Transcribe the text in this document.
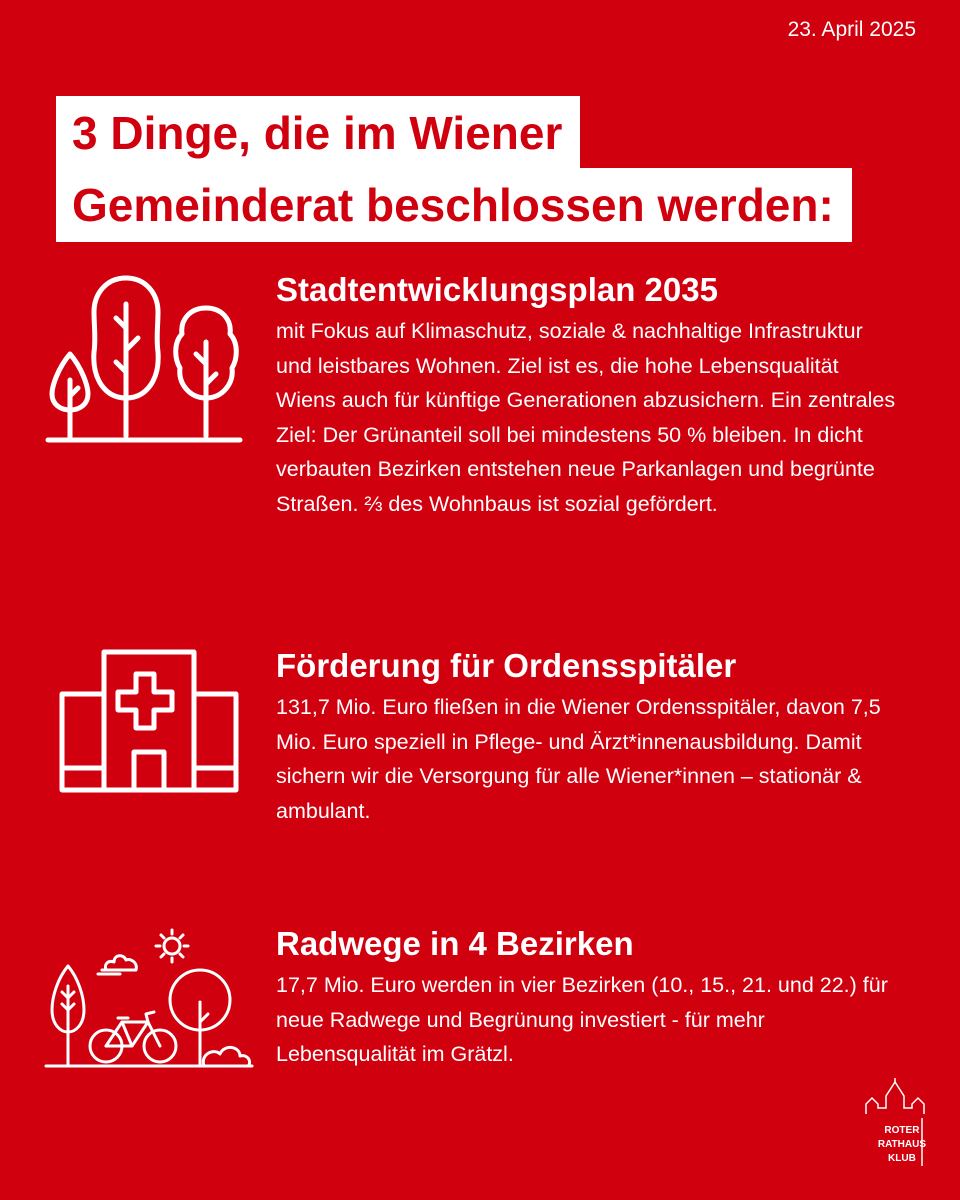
23. April 2025
3 Dinge, die im Wiener
Gemeinderat beschlossen werden:
Stadtentwicklungsplan 2035

mit Fokus auf Klimaschutz, soziale & nachhaltige Infrastruktur und leistbares Wohnen. Ziel ist es, die hohe Lebensqualität Wiens auch für künftige Generationen abzusichern. Ein zentrales Ziel: Der Grünanteil soll bei mindestens 50 % bleiben. In dicht verbauten Bezirken entstehen neue Parkanlagen und begrünte Straßen. ⅔ des Wohnbaus ist sozial gefördert.

Förderung für Ordensspitäler

131,7 Mio. Euro fließen in die Wiener Ordensspitäler, davon 7,5 Mio. Euro speziell in Pflege- und Ärzt*innenausbildung. Damit sichern wir die Versorgung für alle Wiener*innen – stationär & ambulant.

Radwege in 4 Bezirken

17,7 Mio. Euro werden in vier Bezirken (10., 15., 21. und 22.) für neue Radwege und Begrünung investiert - für mehr Lebensqualität im Grätzl.

ROTER
RATHAUS
KLUB
